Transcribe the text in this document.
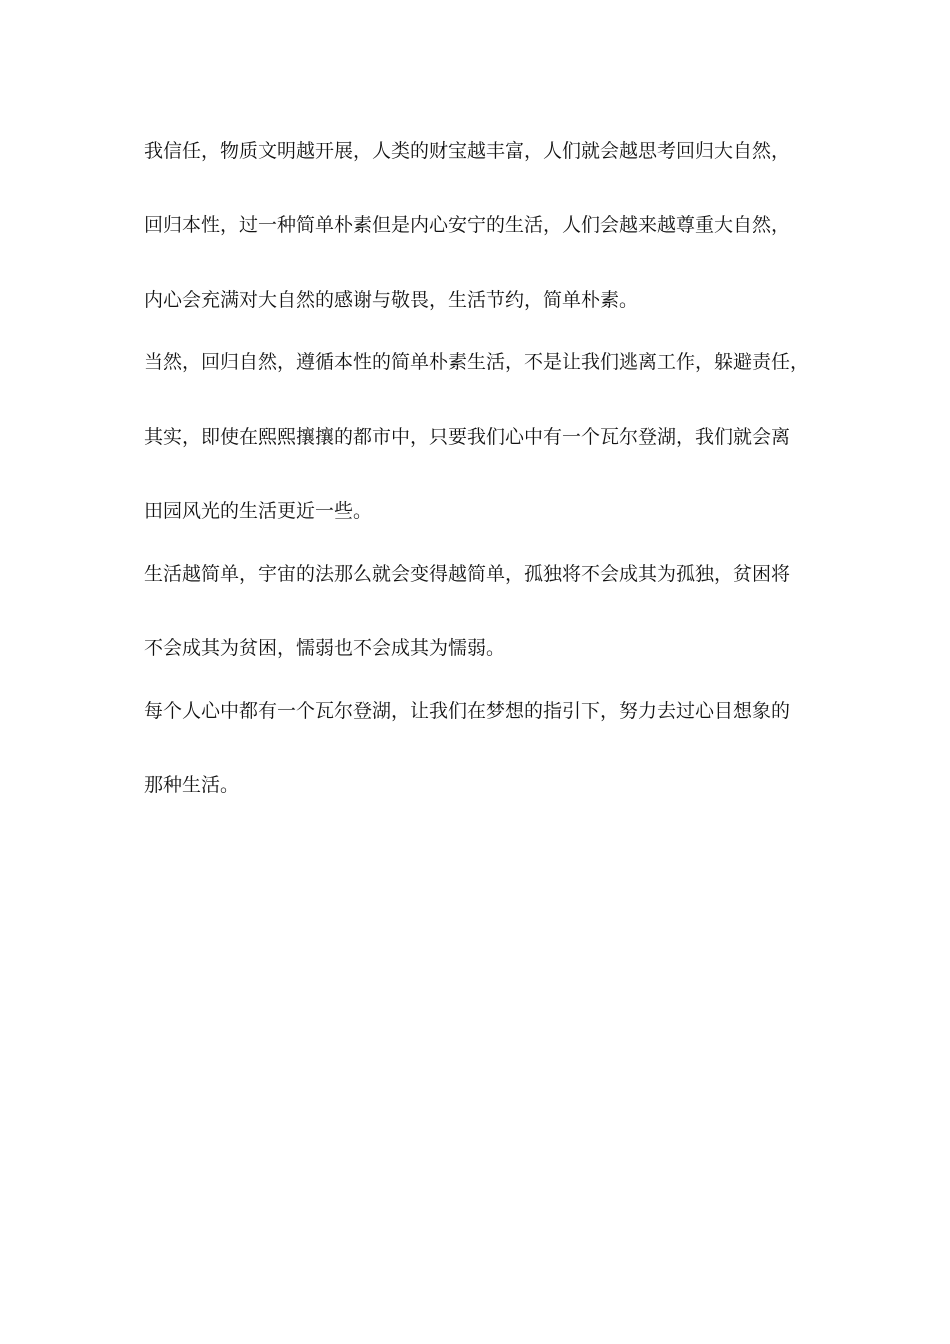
我信任，物质文明越开展，人类的财宝越丰富，人们就会越思考回归大自然，

回归本性，过一种简单朴素但是内心安宁的生活，人们会越来越尊重大自然，

内心会充满对大自然的感谢与敬畏，生活节约，简单朴素。

当然，回归自然，遵循本性的简单朴素生活，不是让我们逃离工作，躲避责任，

其实，即使在熙熙攘攘的都市中，只要我们心中有一个瓦尔登湖，我们就会离

田园风光的生活更近一些。

生活越简单，宇宙的法那么就会变得越简单，孤独将不会成其为孤独，贫困将

不会成其为贫困，懦弱也不会成其为懦弱。

每个人心中都有一个瓦尔登湖，让我们在梦想的指引下，努力去过心目想象的

那种生活。
